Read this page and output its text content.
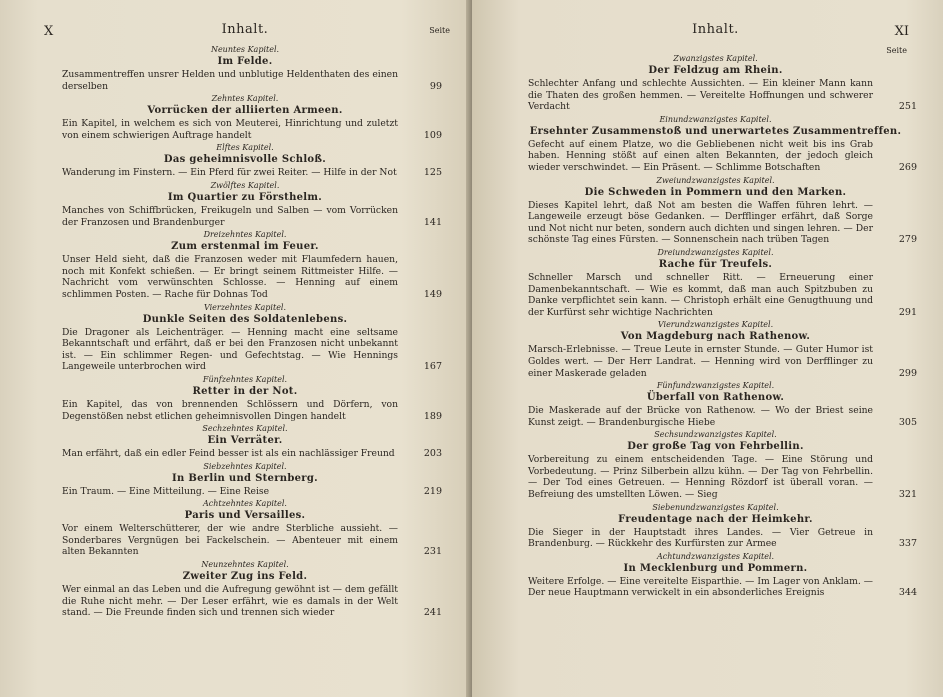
X	Inhalt.	Seite
Neuntes Kapitel.
Im Felde.
Zusammentreffen unsrer Helden und unblutige Heldenthaten des einen derselben	99
Zehntes Kapitel.
Vorrücken der alliierten Armeen.
Ein Kapitel, in welchem es sich von Meuterei, Hinrichtung und zuletzt von einem schwierigen Auftrage handelt	109
Elftes Kapitel.
Das geheimnisvolle Schloß.
Wanderung im Finstern. — Ein Pferd für zwei Reiter. — Hilfe in der Not	125
Zwölftes Kapitel.
Im Quartier zu Försthelm.
Manches von Schiffbrücken, Freikugeln und Salben — vom Vorrücken der Franzosen und Brandenburger	141
Dreizehntes Kapitel.
Zum erstenmal im Feuer.
Unser Held sieht, daß die Franzosen weder mit Flaumfedern hauen, noch mit Konfekt schießen. — Er bringt seinem Rittmeister Hilfe. — Nachricht vom verwünschten Schlosse. — Henning auf einem schlimmen Posten. — Rache für Dohnas Tod	149
Vierzehntes Kapitel.
Dunkle Seiten des Soldatenlebens.
Die Dragoner als Leichenträger. — Henning macht eine seltsame Bekanntschaft und erfährt, daß er bei den Franzosen nicht unbekannt ist. — Ein schlimmer Regen- und Gefechtstag. — Wie Hennings Langeweile unterbrochen wird	167
Fünfzehntes Kapitel.
Retter in der Not.
Ein Kapitel, das von brennenden Schlössern und Dörfern, von Degenstößen nebst etlichen geheimnisvollen Dingen handelt	189
Sechzehntes Kapitel.
Ein Verräter.
Man erfährt, daß ein edler Feind besser ist als ein nachlässiger Freund	203
Siebzehntes Kapitel.
In Berlin und Sternberg.
Ein Traum. — Eine Mitteilung. — Eine Reise	219
Achtzehntes Kapitel.
Paris und Versailles.
Vor einem Welterschütterer, der wie andre Sterbliche aussieht. — Sonderbares Vergnügen bei Fackelschein. — Abenteuer mit einem alten Bekannten	231
Neunzehntes Kapitel.
Zweiter Zug ins Feld.
Wer einmal an das Leben und die Aufregung gewöhnt ist — dem gefällt die Ruhe nicht mehr. — Der Leser erfährt, wie es damals in der Welt stand. — Die Freunde finden sich und trennen sich wieder	241
Inhalt.	XI
Seite
Zwanzigstes Kapitel.
Der Feldzug am Rhein.
Schlechter Anfang und schlechte Aussichten. — Ein kleiner Mann kann die Thaten des großen hemmen. — Vereitelte Hoffnungen und schwerer Verdacht	251
Einundzwanzigstes Kapitel.
Ersehnter Zusammenstoß und unerwartetes Zusammentreffen.
Gefecht auf einem Platze, wo die Gebliebenen nicht weit bis ins Grab haben. Henning stößt auf einen alten Bekannten, der jedoch gleich wieder verschwindet. — Ein Präsent. — Schlimme Botschaften	269
Zweiundzwanzigstes Kapitel.
Die Schweden in Pommern und den Marken.
Dieses Kapitel lehrt, daß Not am besten die Waffen führen lehrt. — Langeweile erzeugt böse Gedanken. — Derfflinger erfährt, daß Sorge und Not nicht nur beten, sondern auch dichten und singen lehren. — Der schönste Tag eines Fürsten. — Sonnenschein nach trüben Tagen	279
Dreiundzwanzigstes Kapitel.
Rache für Treufels.
Schneller Marsch und schneller Ritt. — Erneuerung einer Damenbekanntschaft. — Wie es kommt, daß man auch Spitzbuben zu Danke verpflichtet sein kann. — Christoph erhält eine Genugthuung und der Kurfürst sehr wichtige Nachrichten	291
Vierundzwanzigstes Kapitel.
Von Magdeburg nach Rathenow.
Marsch-Erlebnisse. — Treue Leute in ernster Stunde. — Guter Humor ist Goldes wert. — Der Herr Landrat. — Henning wird von Derfflinger zu einer Maskerade geladen	299
Fünfundzwanzigstes Kapitel.
Überfall von Rathenow.
Die Maskerade auf der Brücke von Rathenow. — Wo der Briest seine Kunst zeigt. — Brandenburgische Hiebe	305
Sechsundzwanzigstes Kapitel.
Der große Tag von Fehrbellin.
Vorbereitung zu einem entscheidenden Tage. — Eine Störung und Vorbedeutung. — Prinz Silberbein allzu kühn. — Der Tag von Fehrbellin. — Der Tod eines Getreuen. — Henning Rözdorf ist überall voran. — Befreiung des umstellten Löwen. — Sieg	321
Siebenundzwanzigstes Kapitel.
Freudentage nach der Heimkehr.
Die Sieger in der Hauptstadt ihres Landes. — Vier Getreue in Brandenburg. — Rückkehr des Kurfürsten zur Armee	337
Achtundzwanzigstes Kapitel.
In Mecklenburg und Pommern.
Weitere Erfolge. — Eine vereitelte Eisparthie. — Im Lager von Anklam. — Der neue Hauptmann verwickelt in ein absonderliches Ereignis	344
